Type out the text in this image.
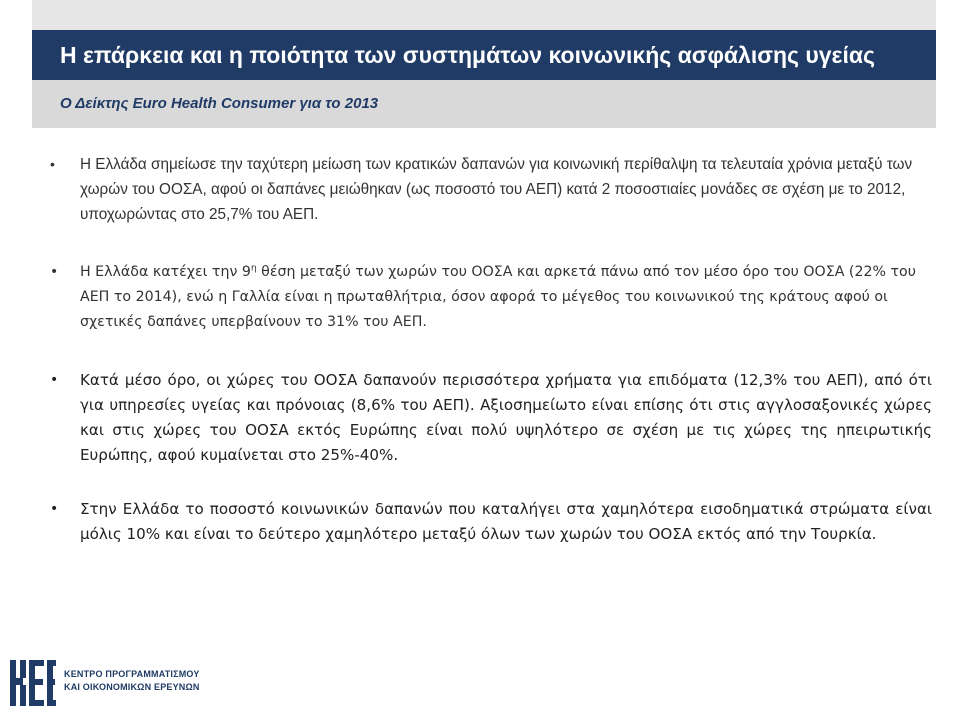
Η επάρκεια και η ποιότητα των συστημάτων κοινωνικής ασφάλισης υγείας
Ο Δείκτης Euro Health Consumer για το 2013
• Η Ελλάδα σημείωσε την ταχύτερη μείωση των κρατικών δαπανών για κοινωνική περίθαλψη τα τελευταία χρόνια μεταξύ των χωρών του ΟΟΣΑ, αφού οι δαπάνες μειώθηκαν (ως ποσοστό του ΑΕΠ) κατά 2 ποσοστιαίες μονάδες σε σχέση με το 2012, υποχωρώντας στο 25,7% του ΑΕΠ.
• Η Ελλάδα κατέχει την $9^\eta$ θέση μεταξύ των χωρών του ΟΟΣΑ και αρκετά πάνω από τον μέσο όρο του ΟΟΣΑ (22% του ΑΕΠ το 2014), ενώ η Γαλλία είναι η πρωταθλήτρια, όσον αφορά το μέγεθος του κοινωνικού της κράτους αφού οι σχετικές δαπάνες υπερβαίνουν το 31% του ΑΕΠ.
• Κατά μέσο όρο, οι χώρες του ΟΟΣΑ δαπανούν περισσότερα χρήματα για επιδόματα (12,3% του ΑΕΠ), από ότι για υπηρεσίες υγείας και πρόνοιας (8,6% του ΑΕΠ). Αξιοσημείωτο είναι επίσης ότι στις αγγλοσαξονικές χώρες και στις χώρες του ΟΟΣΑ εκτός Ευρώπης είναι πολύ υψηλότερο σε σχέση με τις χώρες της ηπειρωτικής Ευρώπης, αφού κυμαίνεται στο 25%-40%.
• Στην Ελλάδα το ποσοστό κοινωνικών δαπανών που καταλήγει στα χαμηλότερα εισοδηματικά στρώματα είναι μόλις 10% και είναι το δεύτερο χαμηλότερο μεταξύ όλων των χωρών του ΟΟΣΑ εκτός από την Τουρκία.
ΚΕΝΤΡΟ ΠΡΟΓΡΑΜΜΑΤΙΣΜΟΥ
ΚΑΙ ΟΙΚΟΝΟΜΙΚΩΝ ΕΡΕΥΝΩΝ
